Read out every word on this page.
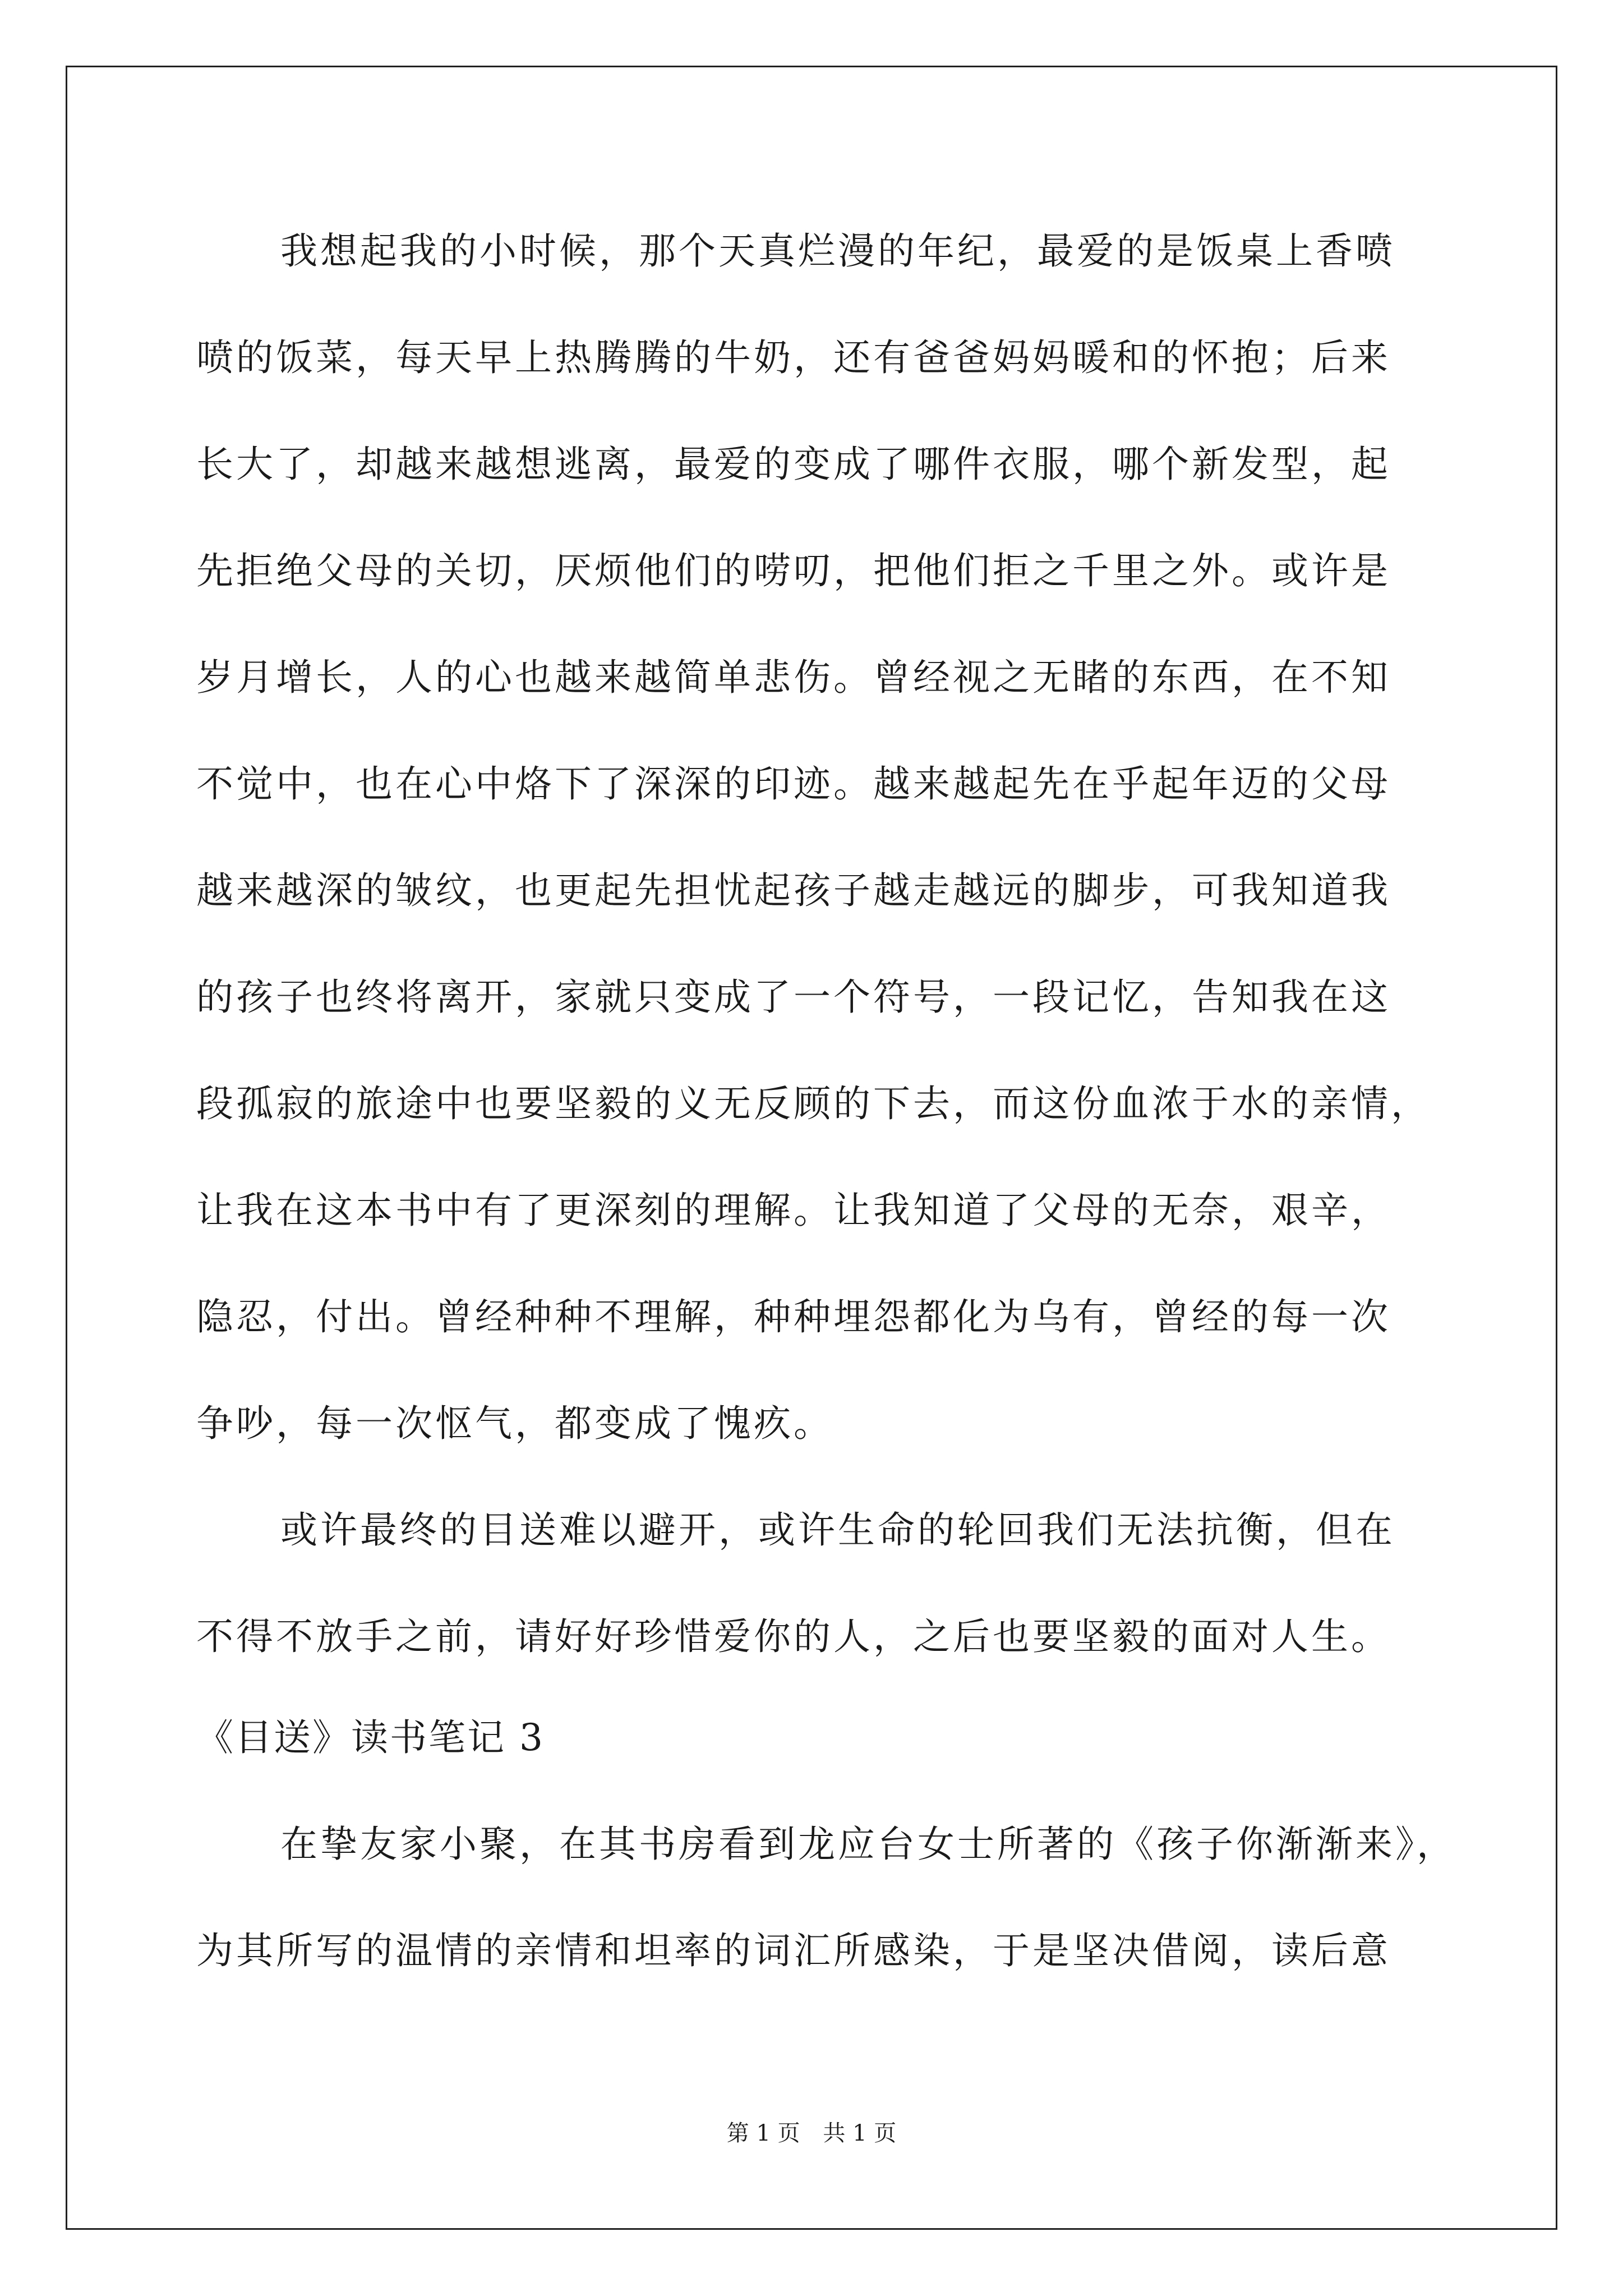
我想起我的小时候，那个天真烂漫的年纪，最爱的是饭桌上香喷
喷的饭菜，每天早上热腾腾的牛奶，还有爸爸妈妈暖和的怀抱；后来
长大了，却越来越想逃离，最爱的变成了哪件衣服，哪个新发型，起
先拒绝父母的关切，厌烦他们的唠叨，把他们拒之千里之外。或许是
岁月增长，人的心也越来越简单悲伤。曾经视之无睹的东西，在不知
不觉中，也在心中烙下了深深的印迹。越来越起先在乎起年迈的父母
越来越深的皱纹，也更起先担忧起孩子越走越远的脚步，可我知道我
的孩子也终将离开，家就只变成了一个符号，一段记忆，告知我在这
段孤寂的旅途中也要坚毅的义无反顾的下去，而这份血浓于水的亲情，
让我在这本书中有了更深刻的理解。让我知道了父母的无奈，艰辛，
隐忍，付出。曾经种种不理解，种种埋怨都化为乌有，曾经的每一次
争吵，每一次怄气，都变成了愧疚。
或许最终的目送难以避开，或许生命的轮回我们无法抗衡，但在
不得不放手之前，请好好珍惜爱你的人，之后也要坚毅的面对人生。
《目送》读书笔记 3
在挚友家小聚，在其书房看到龙应台女士所著的《孩子你渐渐来》，
为其所写的温情的亲情和坦率的词汇所感染，于是坚决借阅，读后意
第 1 页 共 1 页
